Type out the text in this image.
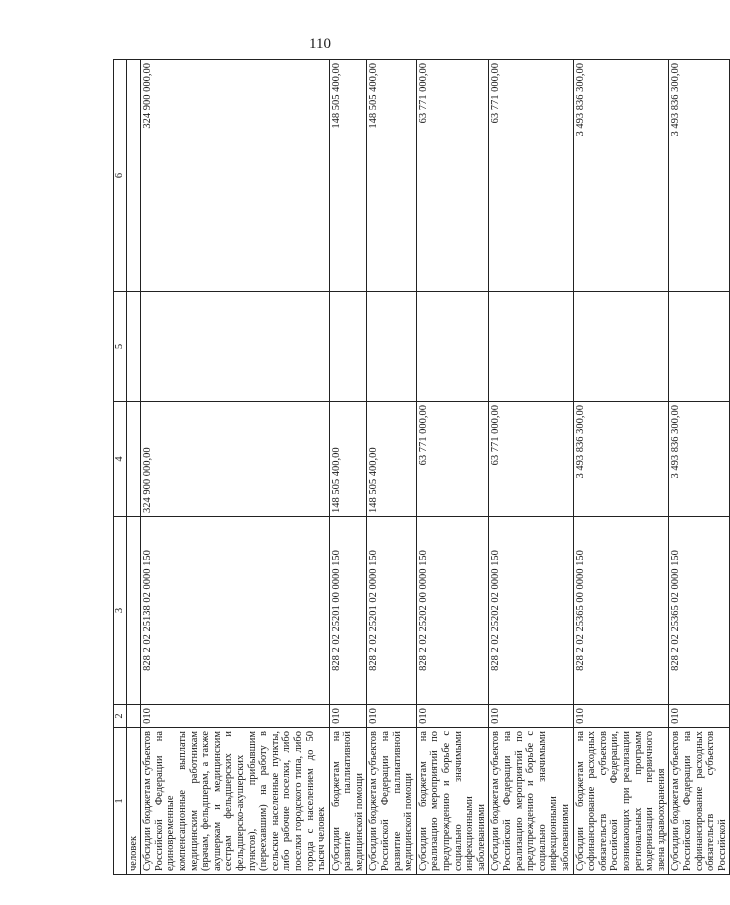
110
1	2	3	4	5	6
человек					
Субсидии бюджетам субъектов Российской Федерации на единовременные компенсационные выплаты медицинским работникам (врачам, фельдшерам, а также акушеркам и медицинским сестрам фельдшерских и фельдшерско-акушерских пунктов), прибывшим (переехавшим) на работу в сельские населенные пункты, либо рабочие поселки, либо поселки городского типа, либо города с населением до 50 тысяч человек	010	828 2 02 25138 02 0000 150	324 900 000,00		324 900 000,00
Субсидии бюджетам на развитие паллиативной медицинской помощи	010	828 2 02 25201 00 0000 150	148 505 400,00		148 505 400,00
Субсидии бюджетам субъектов Российской Федерации на развитие паллиативной медицинской помощи	010	828 2 02 25201 02 0000 150	148 505 400,00		148 505 400,00
Субсидии бюджетам на реализацию мероприятий по предупреждению и борьбе с социально значимыми инфекционными заболеваниями	010	828 2 02 25202 00 0000 150	63 771 000,00		63 771 000,00
Субсидии бюджетам субъектов Российской Федерации на реализацию мероприятий по предупреждению и борьбе с социально значимыми инфекционными заболеваниями	010	828 2 02 25202 02 0000 150	63 771 000,00		63 771 000,00
Субсидии бюджетам на софинансирование расходных обязательств субъектов Российской Федерации, возникающих при реализации региональных программ модернизации первичного звена здравоохранения	010	828 2 02 25365 00 0000 150	3 493 836 300,00		3 493 836 300,00
Субсидии бюджетам субъектов Российской Федерации на софинансирование расходных обязательств субъектов Российской	010	828 2 02 25365 02 0000 150	3 493 836 300,00		3 493 836 300,00
